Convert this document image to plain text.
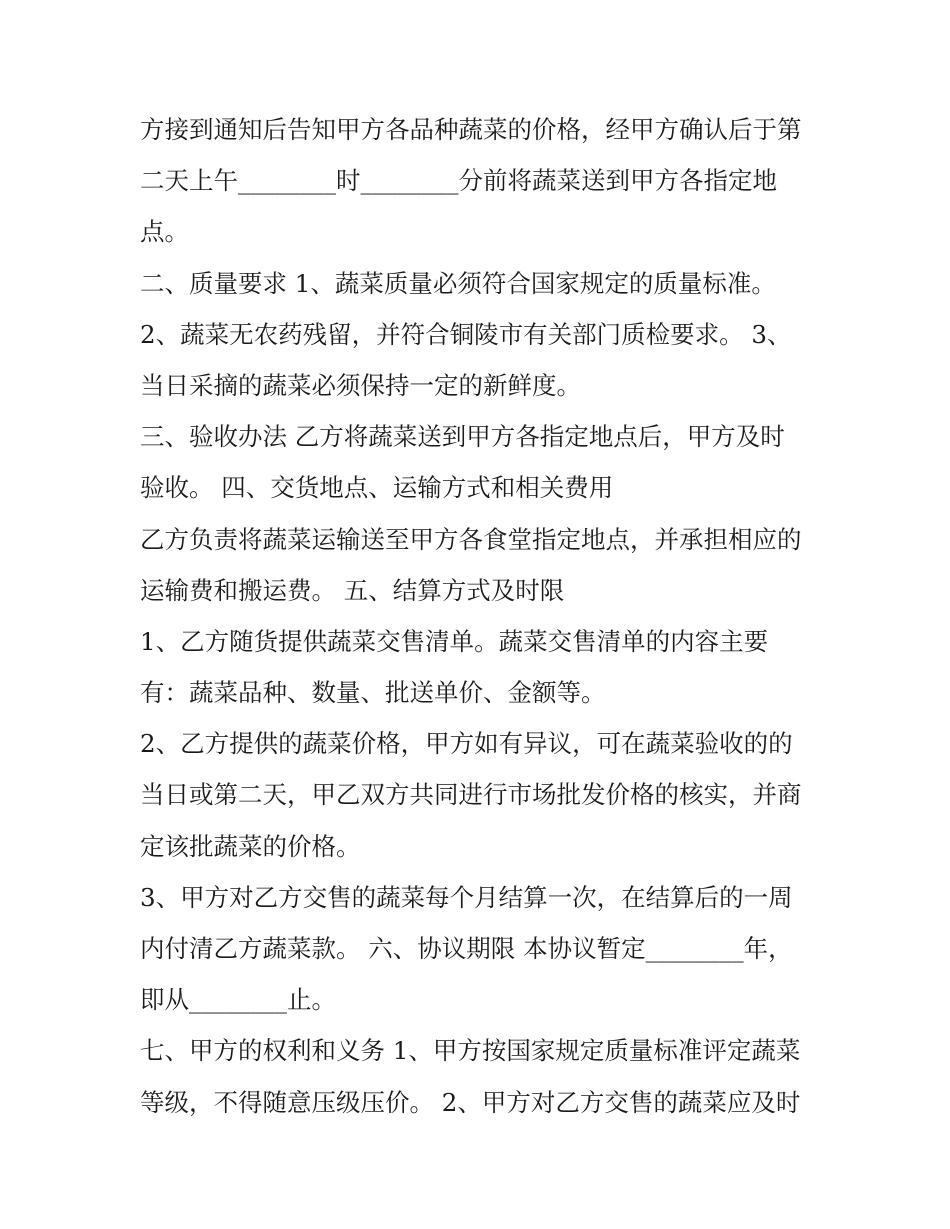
方接到通知后告知甲方各品种蔬菜的价格，经甲方确认后于第
二天上午________时________分前将蔬菜送到甲方各指定地
点。
二、质量要求 1、蔬菜质量必须符合国家规定的质量标准。
2、蔬菜无农药残留，并符合铜陵市有关部门质检要求。 3、
当日采摘的蔬菜必须保持一定的新鲜度。
三、验收办法 乙方将蔬菜送到甲方各指定地点后，甲方及时
验收。 四、交货地点、运输方式和相关费用
乙方负责将蔬菜运输送至甲方各食堂指定地点，并承担相应的
运输费和搬运费。 五、结算方式及时限
1、乙方随货提供蔬菜交售清单。蔬菜交售清单的内容主要
有：蔬菜品种、数量、批送单价、金额等。
2、乙方提供的蔬菜价格，甲方如有异议，可在蔬菜验收的的
当日或第二天，甲乙双方共同进行市场批发价格的核实，并商
定该批蔬菜的价格。
3、甲方对乙方交售的蔬菜每个月结算一次，在结算后的一周
内付清乙方蔬菜款。 六、协议期限 本协议暂定________年，
即从________止。
七、甲方的权利和义务 1、甲方按国家规定质量标准评定蔬菜
等级，不得随意压级压价。 2、甲方对乙方交售的蔬菜应及时
